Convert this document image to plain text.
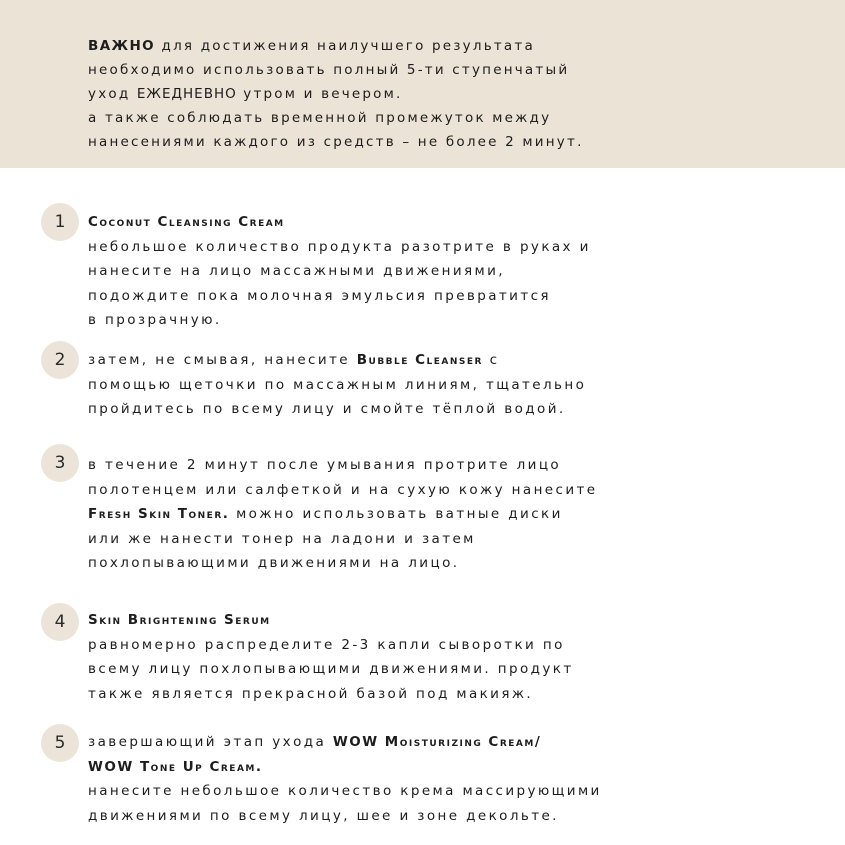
ВАЖНО для достижения наилучшего результата

необходимо использовать полный 5-ти ступенчатый

уход ЕЖЕДНЕВНО утром и вечером.

а также соблюдать временной промежуток между

нанесениями каждого из средств – не более 2 минут.

1	Coconut Cleansing Cream
небольшое количество продукта разотрите в руках и
нанесите на лицо массажными движениями,
подождите пока молочная эмульсия превратится
в прозрачную.
2	затем, не смывая, нанесите Bubble Cleanser с
помощью щеточки по массажным линиям, тщательно
пройдитесь по всему лицу и смойте тёплой водой.
3	в течение 2 минут после умывания протрите лицо
полотенцем или салфеткой и на сухую кожу нанесите
Fresh Skin Toner. можно использовать ватные диски
или же нанести тонер на ладони и затем
похлопывающими движениями на лицо.
4	Skin Brightening Serum
равномерно распределите 2-3 капли сыворотки по
всему лицу похлопывающими движениями. продукт
также является прекрасной базой под макияж.
5	завершающий этап ухода WOW Moisturizing Cream/
WOW Tone Up Cream.
нанесите небольшое количество крема массирующими
движениями по всему лицу, шее и зоне декольте.
